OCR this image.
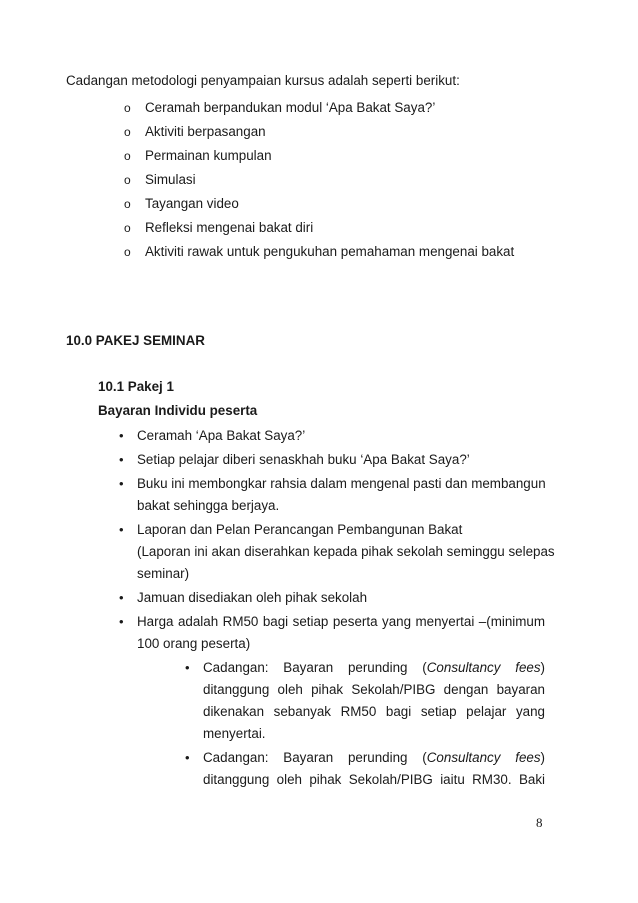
Cadangan metodologi penyampaian kursus adalah seperti berikut:
o Ceramah berpandukan modul ‘Apa Bakat Saya?’
o Aktiviti berpasangan
o Permainan kumpulan
o Simulasi
o Tayangan video
o Refleksi mengenai bakat diri
o Aktiviti rawak untuk pengukuhan pemahaman mengenai bakat
10.0 PAKEJ SEMINAR
10.1 Pakej 1
Bayaran Individu peserta
• Ceramah ‘Apa Bakat Saya?’
• Setiap pelajar diberi senaskhah buku ‘Apa Bakat Saya?’
• Buku ini membongkar rahsia dalam mengenal pasti dan membangun
bakat sehingga berjaya.
• Laporan dan Pelan Perancangan Pembangunan Bakat
(Laporan ini akan diserahkan kepada pihak sekolah seminggu selepas
seminar)
• Jamuan disediakan oleh pihak sekolah
• Harga adalah RM50 bagi setiap peserta yang menyertai –(minimum
100 orang peserta)
• Cadangan: Bayaran perunding (Consultancy fees)
ditanggung oleh pihak Sekolah/PIBG dengan bayaran
dikenakan sebanyak RM50 bagi setiap pelajar yang
menyertai.
• Cadangan: Bayaran perunding (Consultancy fees)
ditanggung oleh pihak Sekolah/PIBG iaitu RM30. Baki
8
